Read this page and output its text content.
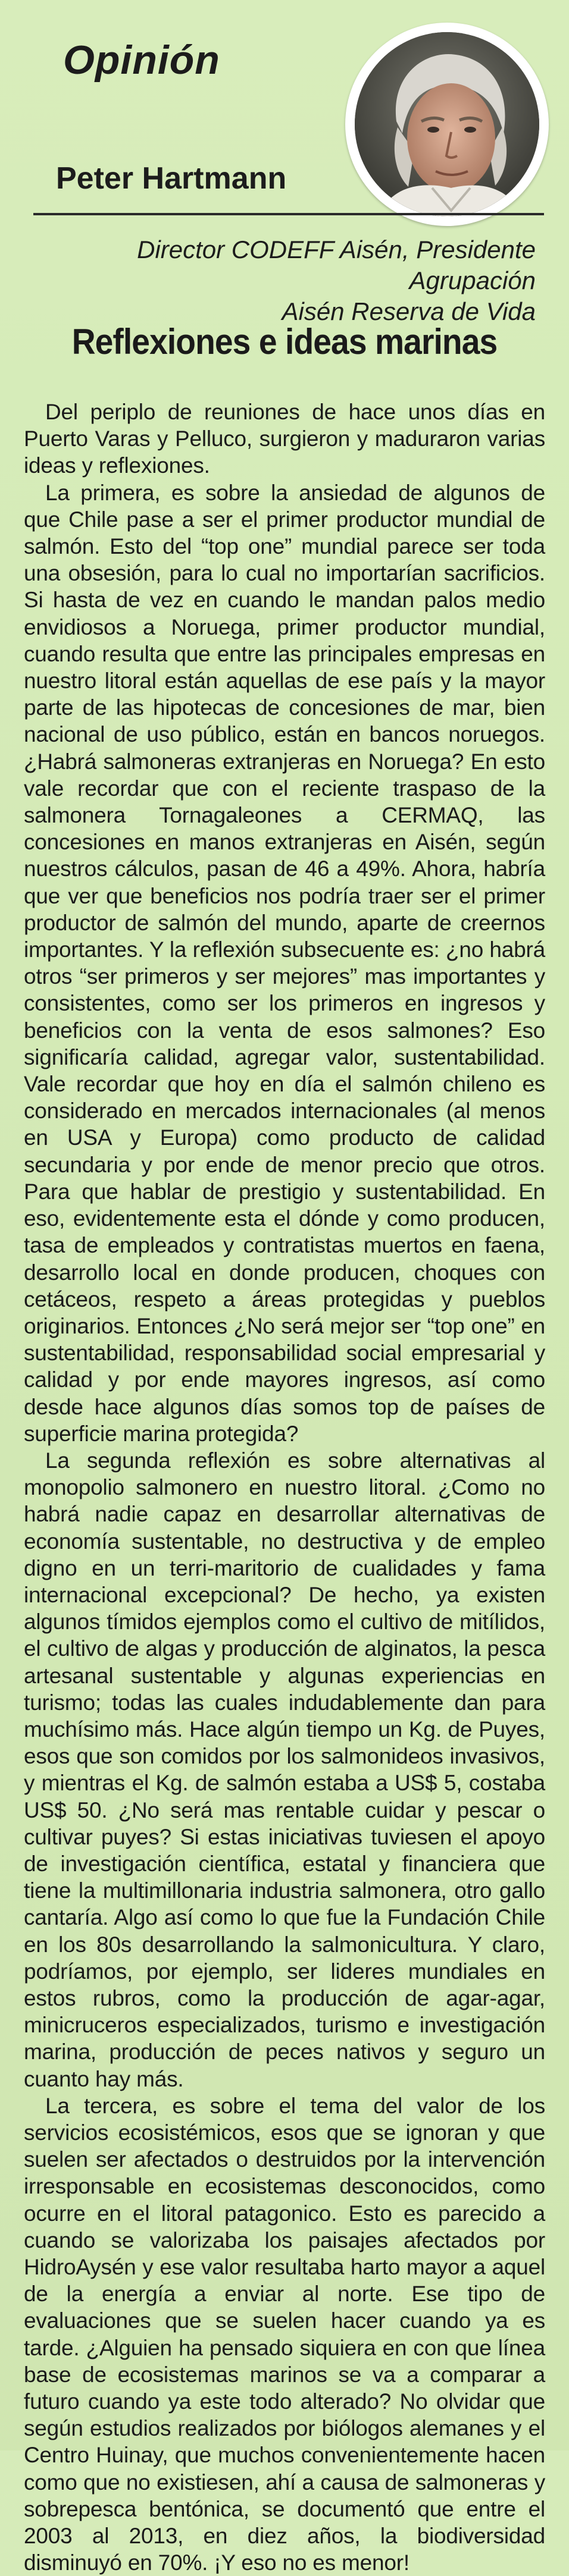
Opinión
Peter Hartmann

Director CODEFF Aisén, Presidente Agrupación
Aisén Reserva de Vida

Reflexiones e ideas marinas

Del periplo de reuniones de hace unos días en Puerto Varas y Pelluco, surgieron y maduraron varias ideas y reflexiones.

La primera, es sobre la ansiedad de algunos de que Chile pase a ser el primer productor mundial de salmón. Esto del “top one” mundial parece ser toda una obsesión, para lo cual no importarían sacrificios. Si hasta de vez en cuando le mandan palos medio envidiosos a Noruega, primer productor mundial, cuando resulta que entre las principales empresas en nuestro litoral están aquellas de ese país y la mayor parte de las hipotecas de concesiones de mar, bien nacional de uso público, están en bancos noruegos. ¿Habrá salmoneras extranjeras en Noruega? En esto vale recordar que con el reciente traspaso de la salmonera Tornagaleones a CERMAQ, las concesiones en manos extranjeras en Aisén, según nuestros cálculos, pasan de 46 a 49%. Ahora, habría que ver que beneficios nos podría traer ser el primer productor de salmón del mundo, aparte de creernos importantes. Y la reflexión subsecuente es: ¿no habrá otros “ser primeros y ser mejores” mas importantes y consistentes, como ser los primeros en ingresos y beneficios con la venta de esos salmones? Eso significaría calidad, agregar valor, sustentabilidad. Vale recordar que hoy en día el salmón chileno es considerado en mercados internacionales (al menos en USA y Europa) como producto de calidad secundaria y por ende de menor precio que otros. Para que hablar de prestigio y sustentabilidad. En eso, evidentemente esta el dónde y como producen, tasa de empleados y contratistas muertos en faena, desarrollo local en donde producen, choques con cetáceos, respeto a áreas protegidas y pueblos originarios. Entonces ¿No será mejor ser “top one” en sustentabilidad, responsabilidad social empresarial y calidad y por ende mayores ingresos, así como desde hace algunos días somos top de países de superficie marina protegida?

La segunda reflexión es sobre alternativas al monopolio salmonero en nuestro litoral. ¿Como no habrá nadie capaz en desarrollar alternativas de economía sustentable, no destructiva y de empleo digno en un terri-maritorio de cualidades y fama internacional excepcional? De hecho, ya existen algunos tímidos ejemplos como el cultivo de mitílidos, el cultivo de algas y producción de alginatos, la pesca artesanal sustentable y algunas experiencias en turismo; todas las cuales indudablemente dan para muchísimo más. Hace algún tiempo un Kg. de Puyes, esos que son comidos por los salmonideos invasivos, y mientras el Kg. de salmón estaba a US$ 5, costaba US$ 50. ¿No será mas rentable cuidar y pescar o cultivar puyes? Si estas iniciativas tuviesen el apoyo de investigación científica, estatal y financiera que tiene la multimillonaria industria salmonera, otro gallo cantaría. Algo así como lo que fue la Fundación Chile en los 80s desarrollando la salmonicultura. Y claro, podríamos, por ejemplo, ser lideres mundiales en estos rubros, como la producción de agar-agar, minicruceros especializados, turismo e investigación marina, producción de peces nativos y seguro un cuanto hay más.

La tercera, es sobre el tema del valor de los servicios ecosistémicos, esos que se ignoran y que suelen ser afectados o destruidos por la intervención irresponsable en ecosistemas desconocidos, como ocurre en el litoral patagonico. Esto es parecido a cuando se valorizaba los paisajes afectados por HidroAysén y ese valor resultaba harto mayor a aquel de la energía a enviar al norte. Ese tipo de evaluaciones que se suelen hacer cuando ya es tarde. ¿Alguien ha pensado siquiera en con que línea base de ecosistemas marinos se va a comparar a futuro cuando ya este todo alterado? No olvidar que según estudios realizados por biólogos alemanes y el Centro Huinay, que muchos convenientemente hacen como que no existiesen, ahí a causa de salmoneras y sobrepesca bentónica, se documentó que entre el 2003 al 2013, en diez años, la biodiversidad disminuyó en 70%. ¡Y eso no es menor!
